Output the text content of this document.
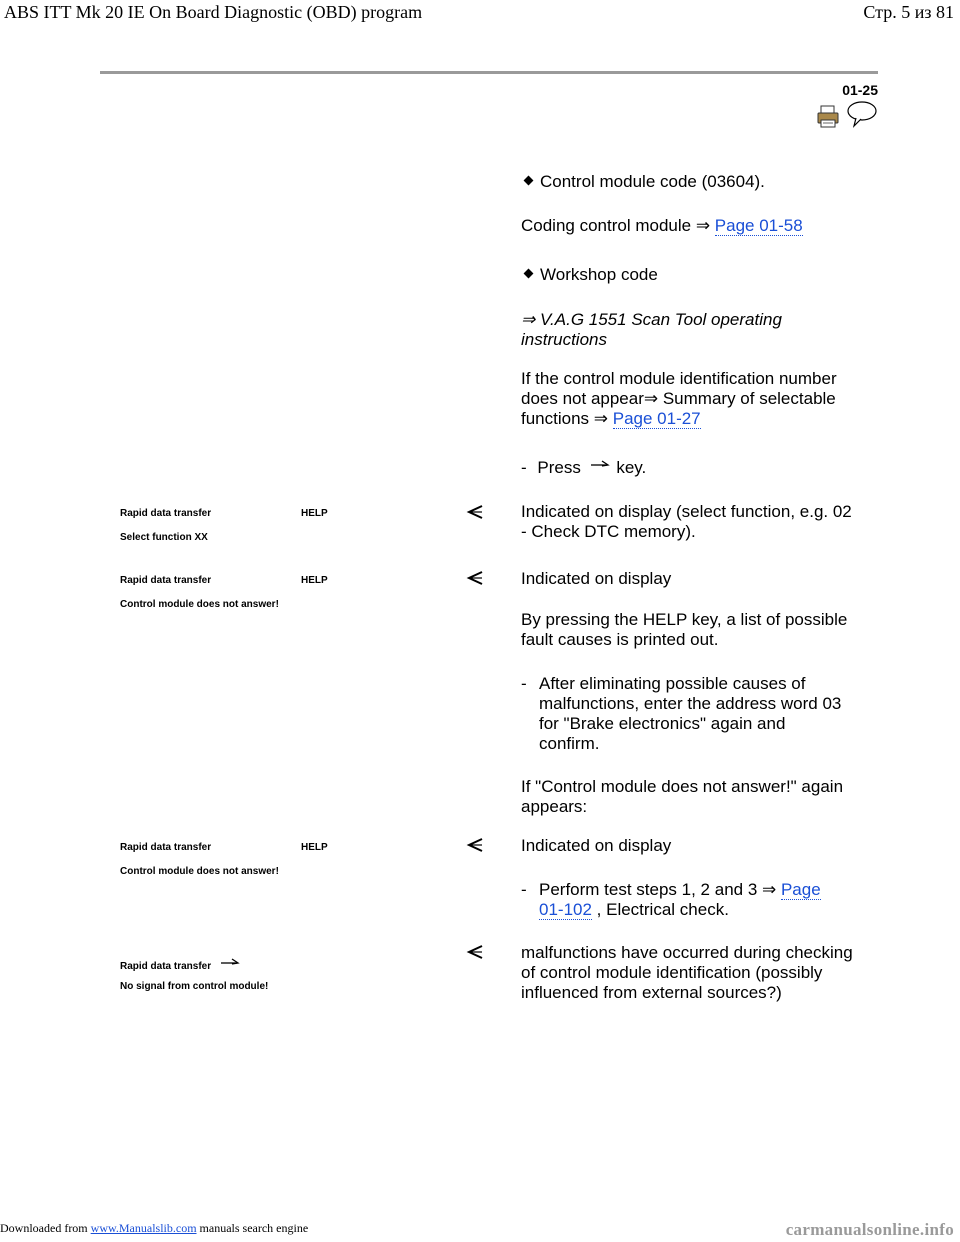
ABS ITT Mk 20 IE On Board Diagnostic (OBD) program	Стр. 5 из 81
01-25
Control module code (03604).
Coding control module ⇒ Page 01-58
Workshop code
⇒ V.A.G 1551 Scan Tool operating
instructions
If the control module identification number
does not appear⇒ Summary of selectable
functions ⇒ Page 01-27
- Press key.
Rapid data transfer	HELP
Select function XX
Indicated on display (select function, e.g. 02
- Check DTC memory).
Rapid data transfer	HELP
Control module does not answer!
Indicated on display
By pressing the HELP key, a list of possible
fault causes is printed out.
- After eliminating possible causes of
malfunctions, enter the address word 03
for "Brake electronics" again and
confirm.
If "Control module does not answer!" again
appears:
Rapid data transfer	HELP
Control module does not answer!
Indicated on display
- Perform test steps 1, 2 and 3 ⇒ Page
01-102 , Electrical check.
Rapid data transfer
No signal from control module!
malfunctions have occurred during checking
of control module identification (possibly
influenced from external sources?)
Downloaded from www.Manualslib.com manuals search engine	carmanualsonline.info
